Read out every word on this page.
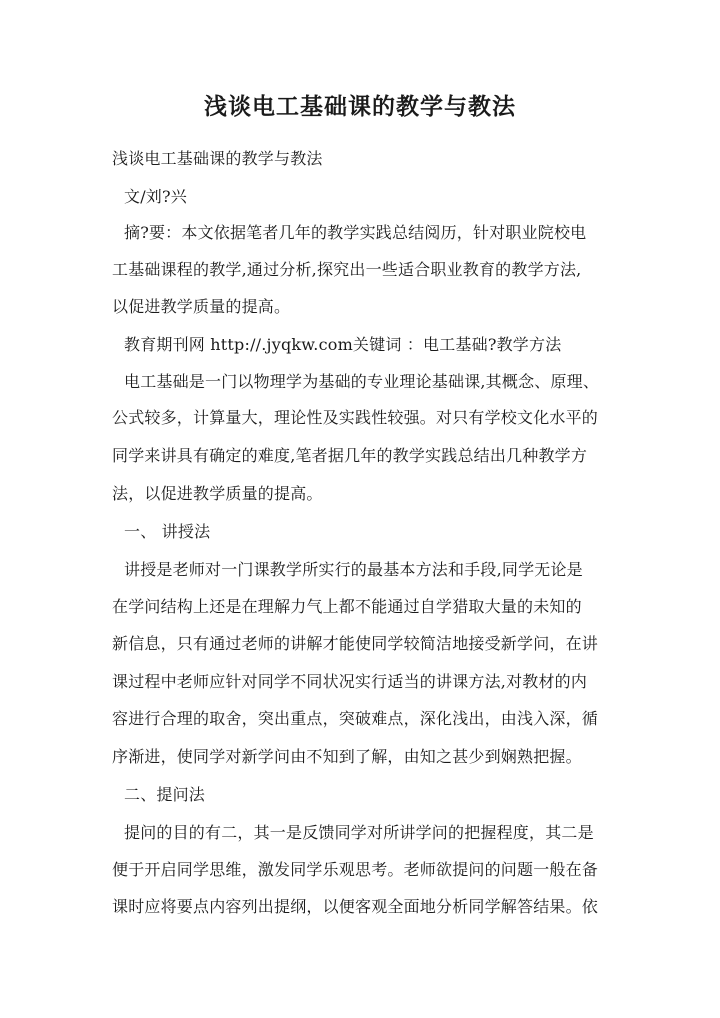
浅谈电工基础课的教学与教法
浅谈电工基础课的教学与教法
文/刘?兴
摘?要：本文依据笔者几年的教学实践总结阅历，针对职业院校电
工基础课程的教学,通过分析,探究出一些适合职业教育的教学方法,
以促进教学质量的提高。
教育期刊网 http://.jyqkw.com关键词 ：电工基础?教学方法
电工基础是一门以物理学为基础的专业理论基础课,其概念、原理、
公式较多，计算量大，理论性及实践性较强。对只有学校文化水平的
同学来讲具有确定的难度,笔者据几年的教学实践总结出几种教学方
法，以促进教学质量的提高。
一、 讲授法
讲授是老师对一门课教学所实行的最基本方法和手段,同学无论是
在学问结构上还是在理解力气上都不能通过自学猎取大量的未知的
新信息，只有通过老师的讲解才能使同学较简洁地接受新学问，在讲
课过程中老师应针对同学不同状况实行适当的讲课方法,对教材的内
容进行合理的取舍，突出重点，突破难点，深化浅出，由浅入深，循
序渐进，使同学对新学问由不知到了解，由知之甚少到娴熟把握。
二、提问法
提问的目的有二，其一是反馈同学对所讲学问的把握程度，其二是
便于开启同学思维，激发同学乐观思考。老师欲提问的问题一般在备
课时应将要点内容列出提纲，以便客观全面地分析同学解答结果。依
